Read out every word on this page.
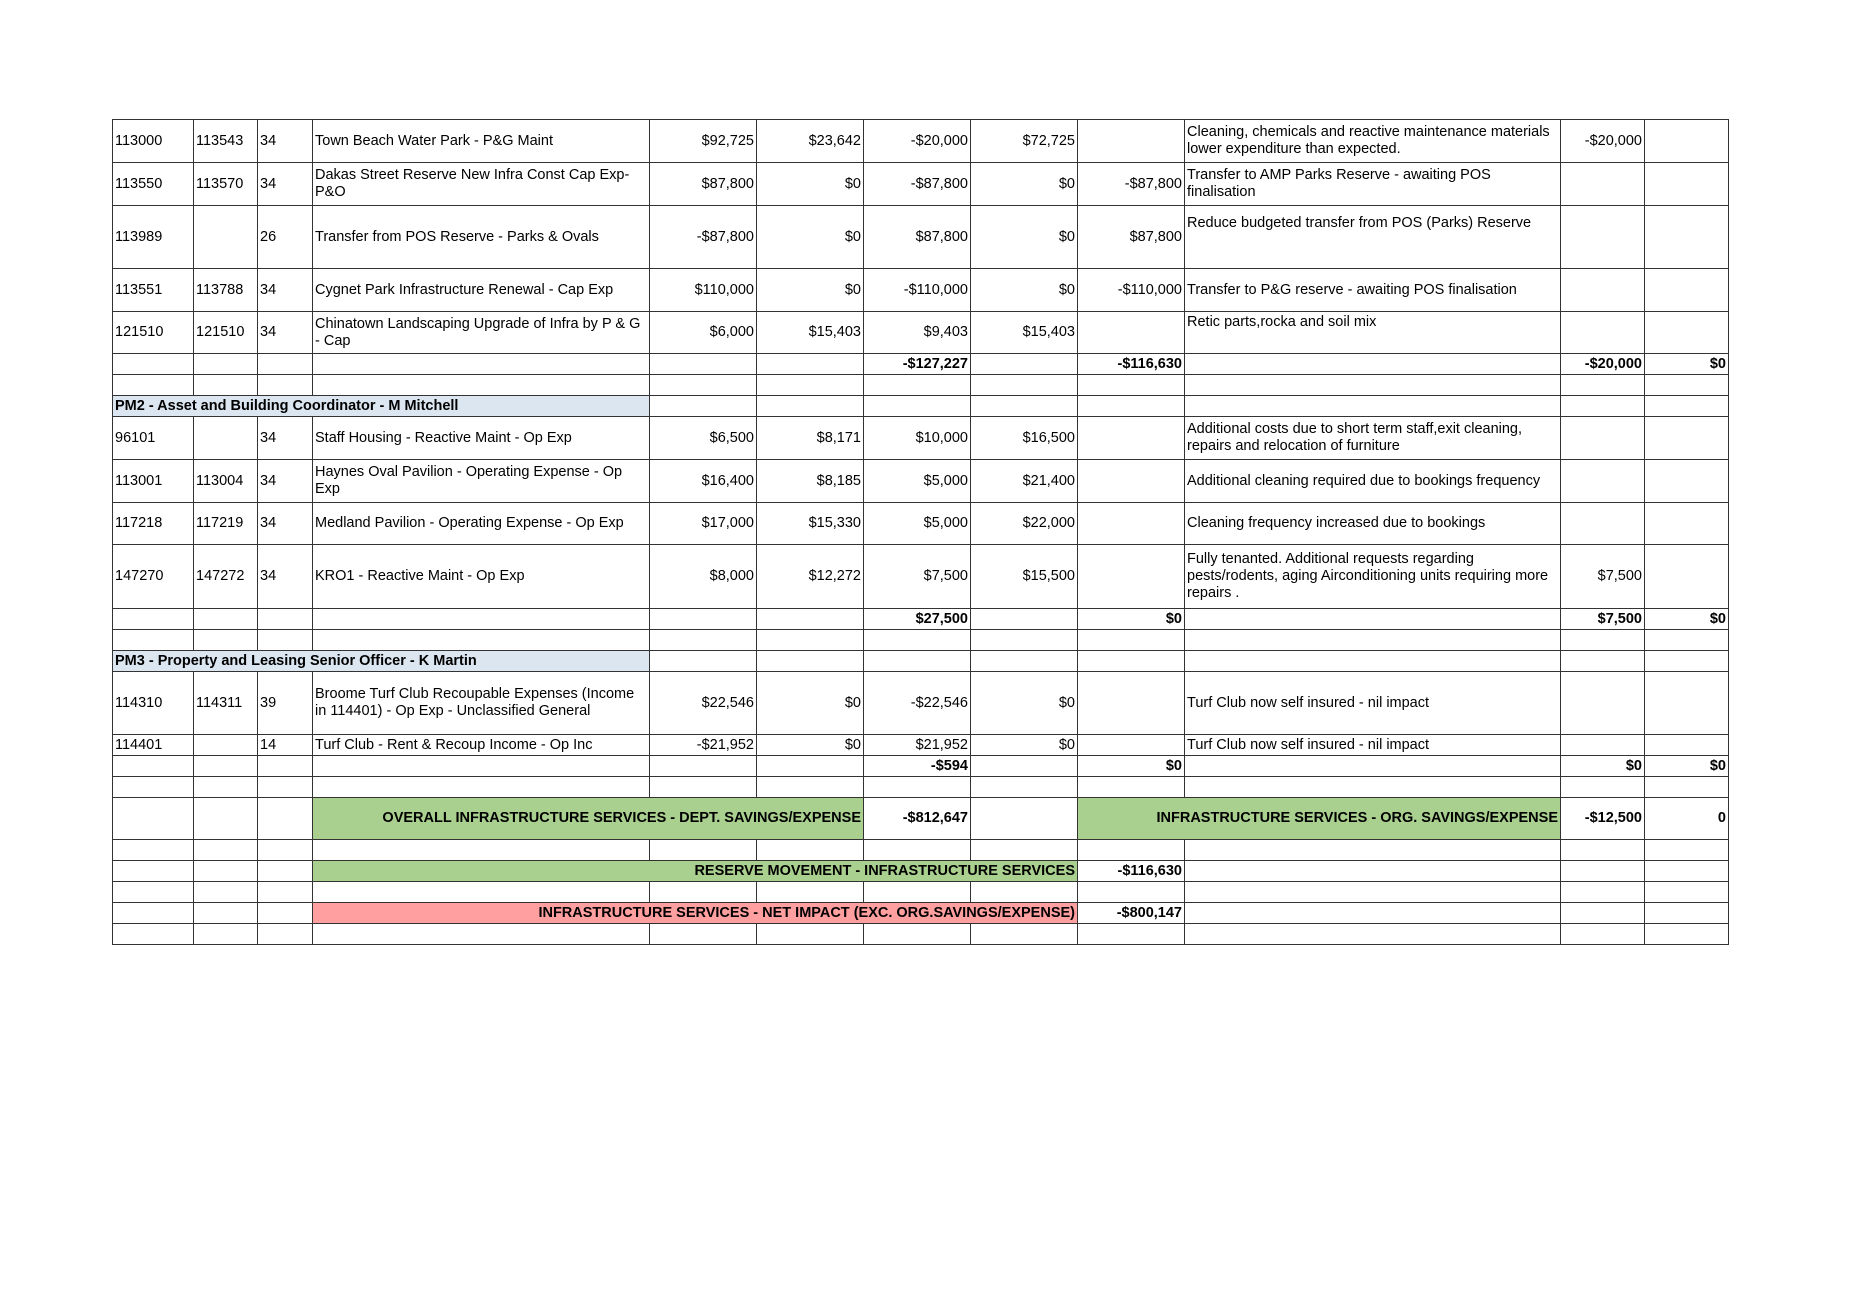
113000	113543	34	Town Beach Water Park - P&G Maint	$92,725	$23,642	-$20,000	$72,725		Cleaning, chemicals and reactive maintenance materials lower expenditure than expected.	-$20,000	
113550	113570	34	Dakas Street Reserve New Infra Const Cap Exp-P&O	$87,800	$0	-$87,800	$0	-$87,800	Transfer to AMP Parks Reserve - awaiting POS finalisation		
113989		26	Transfer from POS Reserve - Parks & Ovals	-$87,800	$0	$87,800	$0	$87,800	Reduce budgeted transfer from POS (Parks) Reserve		
113551	113788	34	Cygnet Park Infrastructure Renewal - Cap Exp	$110,000	$0	-$110,000	$0	-$110,000	Transfer to P&G reserve - awaiting POS finalisation		
121510	121510	34	Chinatown Landscaping Upgrade of Infra by P & G - Cap	$6,000	$15,403	$9,403	$15,403		Retic parts,rocka and soil mix		
						-$127,227		-$116,630		-$20,000	$0

PM2 - Asset and Building Coordinator - M Mitchell											
96101		34	Staff Housing - Reactive Maint - Op Exp	$6,500	$8,171	$10,000	$16,500		Additional costs due to short term staff,exit cleaning, repairs and relocation of furniture		
113001	113004	34	Haynes Oval Pavilion - Operating Expense - Op Exp	$16,400	$8,185	$5,000	$21,400		Additional cleaning required due to bookings frequency		
117218	117219	34	Medland Pavilion - Operating Expense - Op Exp	$17,000	$15,330	$5,000	$22,000		Cleaning frequency increased due to bookings		
147270	147272	34	KRO1 - Reactive Maint - Op Exp	$8,000	$12,272	$7,500	$15,500		Fully tenanted. Additional requests regarding pests/rodents, aging Airconditioning units requiring more repairs .	$7,500	
						$27,500		$0		$7,500	$0

PM3 - Property and Leasing Senior Officer - K Martin											
114310	114311	39	Broome Turf Club Recoupable Expenses (Income in 114401) - Op Exp - Unclassified General	$22,546	$0	-$22,546	$0		Turf Club now self insured - nil impact		
114401		14	Turf Club - Rent & Recoup Income - Op Inc	-$21,952	$0	$21,952	$0		Turf Club now self insured - nil impact		
						-$594		$0		$0	$0

			OVERALL INFRASTRUCTURE SERVICES - DEPT. SAVINGS/EXPENSE			-$812,647		INFRASTRUCTURE SERVICES - ORG. SAVINGS/EXPENSE		-$12,500	0

			RESERVE MOVEMENT - INFRASTRUCTURE SERVICES					-$116,630			

			INFRASTRUCTURE SERVICES - NET IMPACT (EXC. ORG.SAVINGS/EXPENSE)					-$800,147			
